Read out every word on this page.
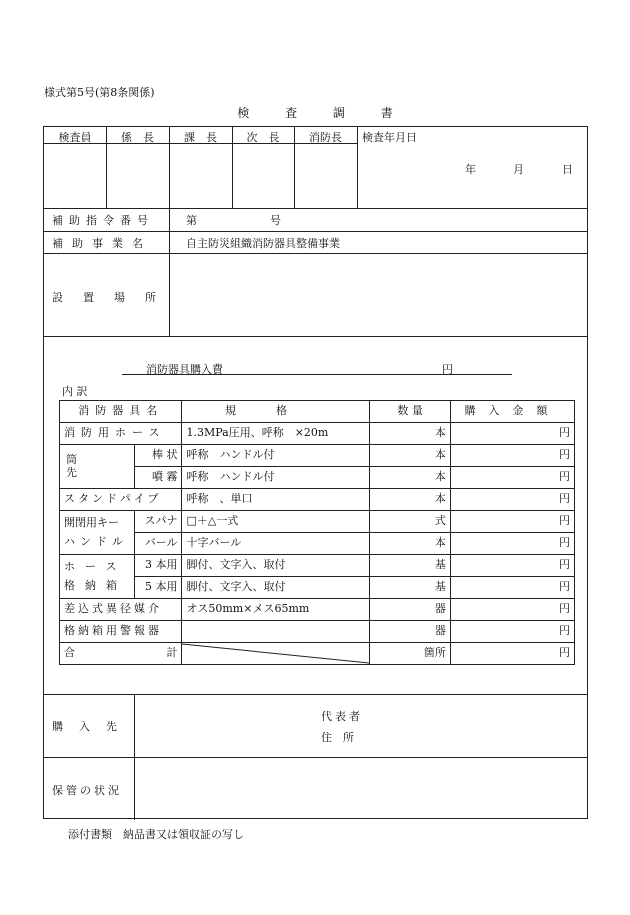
様式第5号(第8条関係)
検	査	調	書
検査員	係　長	課　長	次　長	消防長	検査年月日
年	月	日
補助指令番号	第	号
補助事業名	自主防災組織消防器具整備事業
設置場所
消防器具購入費	円
内 訳
消防器具名		規格	数 量	購入金額
消防用ホース		1.3MPa圧用、呼称　×20m	本	円
筒先	棒 状	呼称　ハンドル付	本	円
	噴 霧	呼称　ハンドル付	本	円
スタンドパイプ		呼称　、単口	本	円

開閉用キー
ハンドル	スパナ	□＋△一式	式	円
	バール	十字バール	本	円

ホース
格納箱	3 本用	脚付、文字入、取付	基	円
	5 本用	脚付、文字入、取付	基	円
差込式異径媒介		オス50mm×メス65mm	器	円
格納箱用警報器			器	円
合 計			箇所	円
購入先
代表者
住　所
保管の状況
添付書類　納品書又は領収証の写し
